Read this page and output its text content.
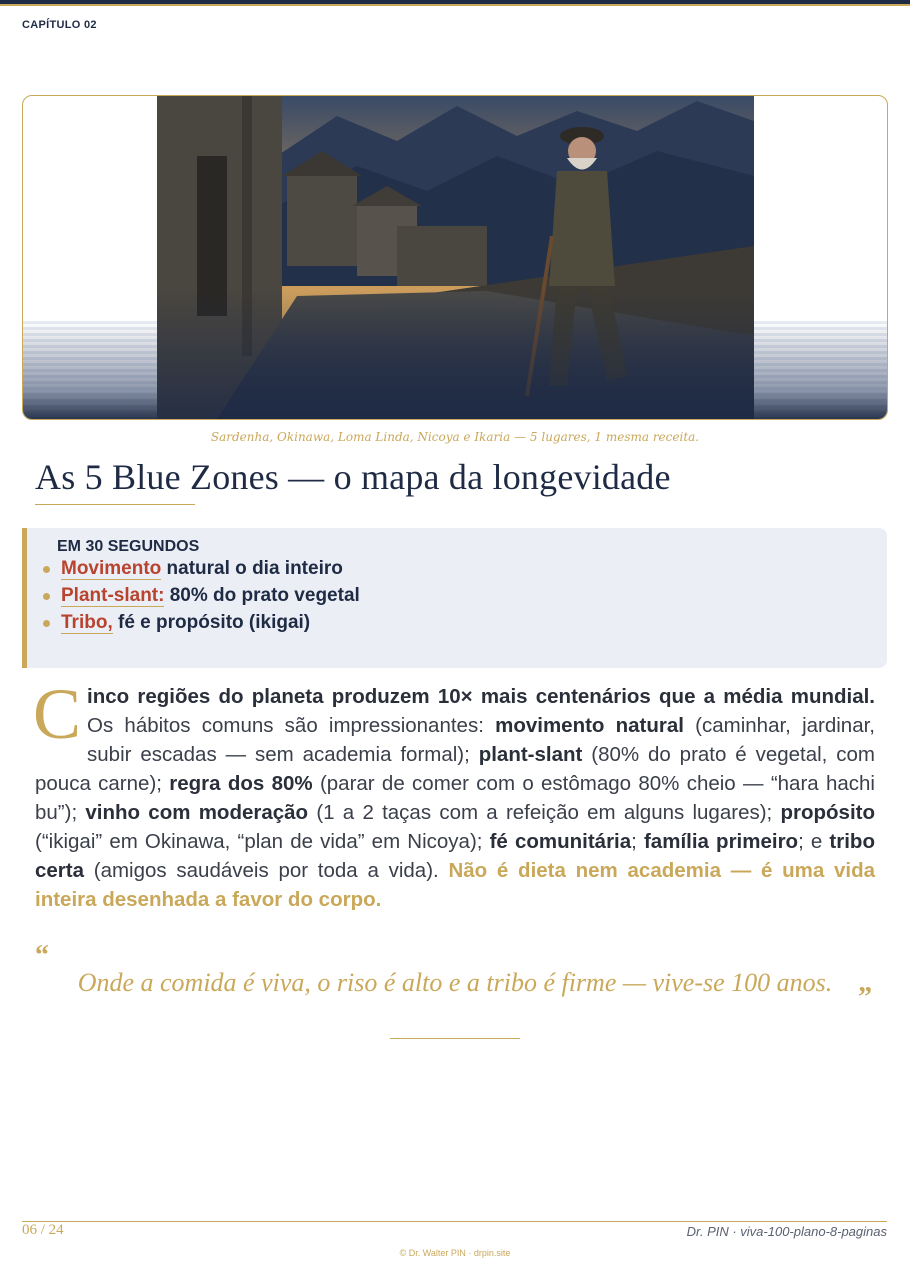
CAPÍTULO 02
Sardenha, Okinawa, Loma Linda, Nicoya e Ikaria — 5 lugares, 1 mesma receita.
As 5 Blue Zones — o mapa da longevidade
EM 30 SEGUNDOS
Movimento natural o dia inteiro
Plant-slant: 80% do prato vegetal
Tribo, fé e propósito (ikigai)

Cinco regiões do planeta produzem 10× mais centenários que a média mundial. Os hábitos comuns são impressionantes: movimento natural (caminhar, jardinar, subir escadas — sem academia formal); plant-slant (80% do prato é vegetal, com pouca carne); regra dos 80% (parar de comer com o estômago 80% cheio — “hara hachi bu”); vinho com moderação (1 a 2 taças com a refeição em alguns lugares); propósito (“ikigai” em Okinawa, “plan de vida” em Nicoya); fé comunitária; família primeiro; e tribo certa (amigos saudáveis por toda a vida). Não é dieta nem academia — é uma vida inteira desenhada a favor do corpo.

“
Onde a comida é viva, o riso é alto e a tribo é firme — vive-se 100 anos. ”
06 / 24	Dr. PIN · viva-100-plano-8-paginas
© Dr. Walter PIN · drpin.site
